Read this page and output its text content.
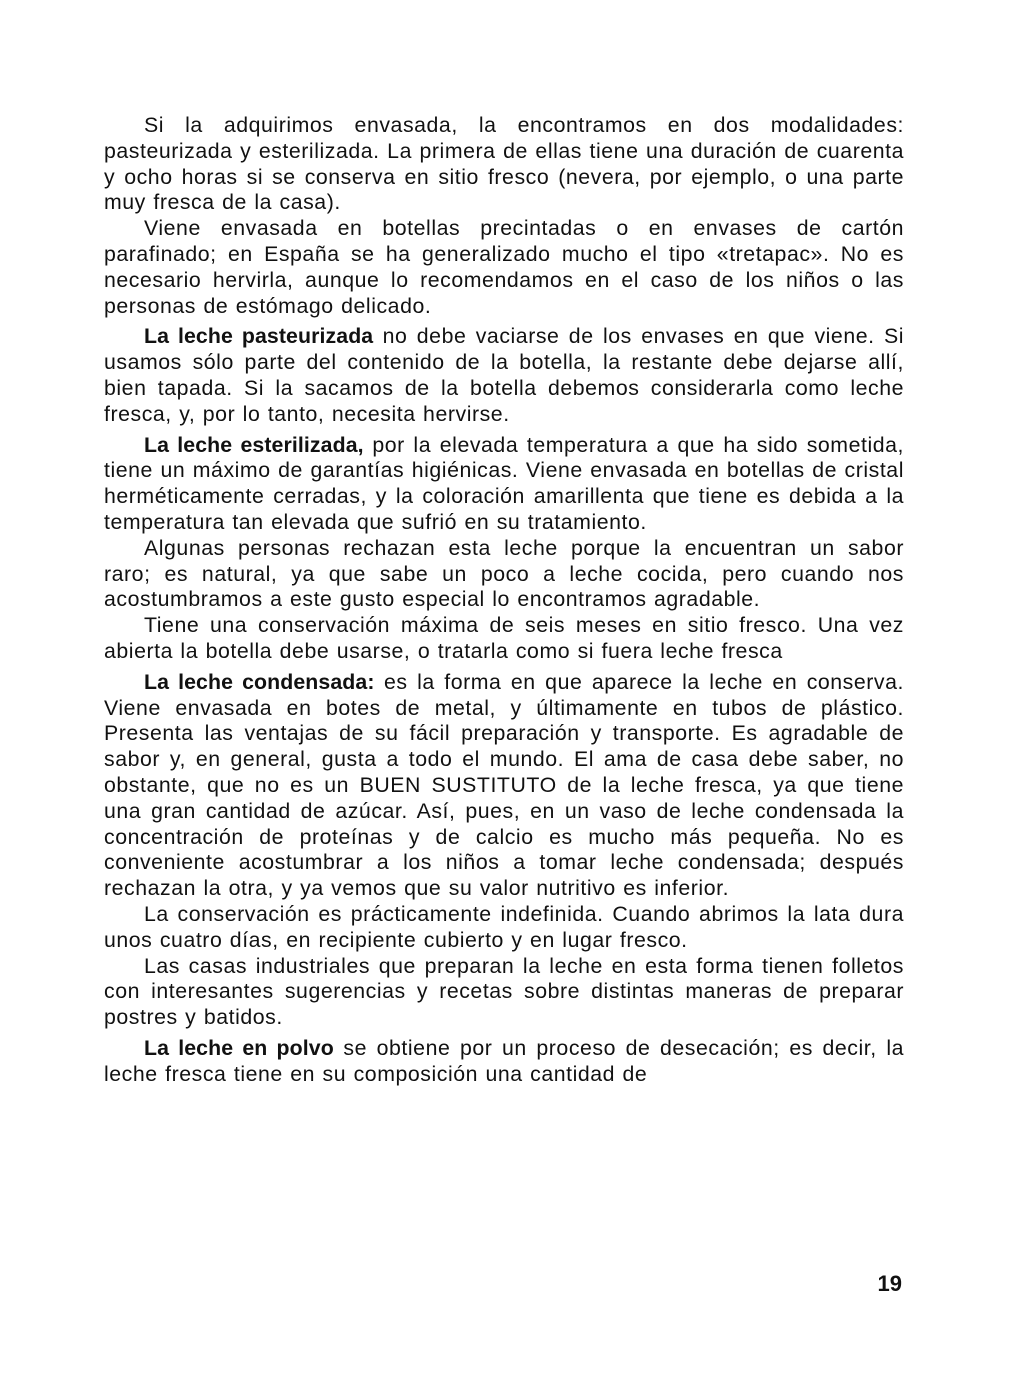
Si la adquirimos envasada, la encontramos en dos modalidades: pasteurizada y esterilizada. La primera de ellas tiene una duración de cuarenta y ocho horas si se conserva en sitio fresco (nevera, por ejemplo, o una parte muy fresca de la casa).

Viene envasada en botellas precintadas o en envases de cartón parafinado; en España se ha generalizado mucho el tipo «tretapac». No es necesario hervirla, aunque lo recomendamos en el caso de los niños o las personas de estómago delicado.

La leche pasteurizada no debe vaciarse de los envases en que viene. Si usamos sólo parte del contenido de la botella, la restante debe dejarse allí, bien tapada. Si la sacamos de la botella debemos considerarla como leche fresca, y, por lo tanto, necesita hervirse.

La leche esterilizada, por la elevada temperatura a que ha sido sometida, tiene un máximo de garantías higiénicas. Viene envasada en botellas de cristal herméticamente cerradas, y la coloración amarillenta que tiene es debida a la temperatura tan elevada que sufrió en su tratamiento.

Algunas personas rechazan esta leche porque la encuentran un sabor raro; es natural, ya que sabe un poco a leche cocida, pero cuando nos acostumbramos a este gusto especial lo encontramos agradable.

Tiene una conservación máxima de seis meses en sitio fresco. Una vez abierta la botella debe usarse, o tratarla como si fuera leche fresca

La leche condensada: es la forma en que aparece la leche en conserva. Viene envasada en botes de metal, y últimamente en tubos de plástico. Presenta las ventajas de su fácil preparación y transporte. Es agradable de sabor y, en general, gusta a todo el mundo. El ama de casa debe saber, no obstante, que no es un BUEN SUSTITUTO de la leche fresca, ya que tiene una gran cantidad de azúcar. Así, pues, en un vaso de leche condensada la concentración de proteínas y de calcio es mucho más pequeña. No es conveniente acostumbrar a los niños a tomar leche condensada; después rechazan la otra, y ya vemos que su valor nutritivo es inferior.

La conservación es prácticamente indefinida. Cuando abrimos la lata dura unos cuatro días, en recipiente cubierto y en lugar fresco.

Las casas industriales que preparan la leche en esta forma tienen folletos con interesantes sugerencias y recetas sobre distintas maneras de preparar postres y batidos.

La leche en polvo se obtiene por un proceso de desecación; es decir, la leche fresca tiene en su composición una cantidad de

19
